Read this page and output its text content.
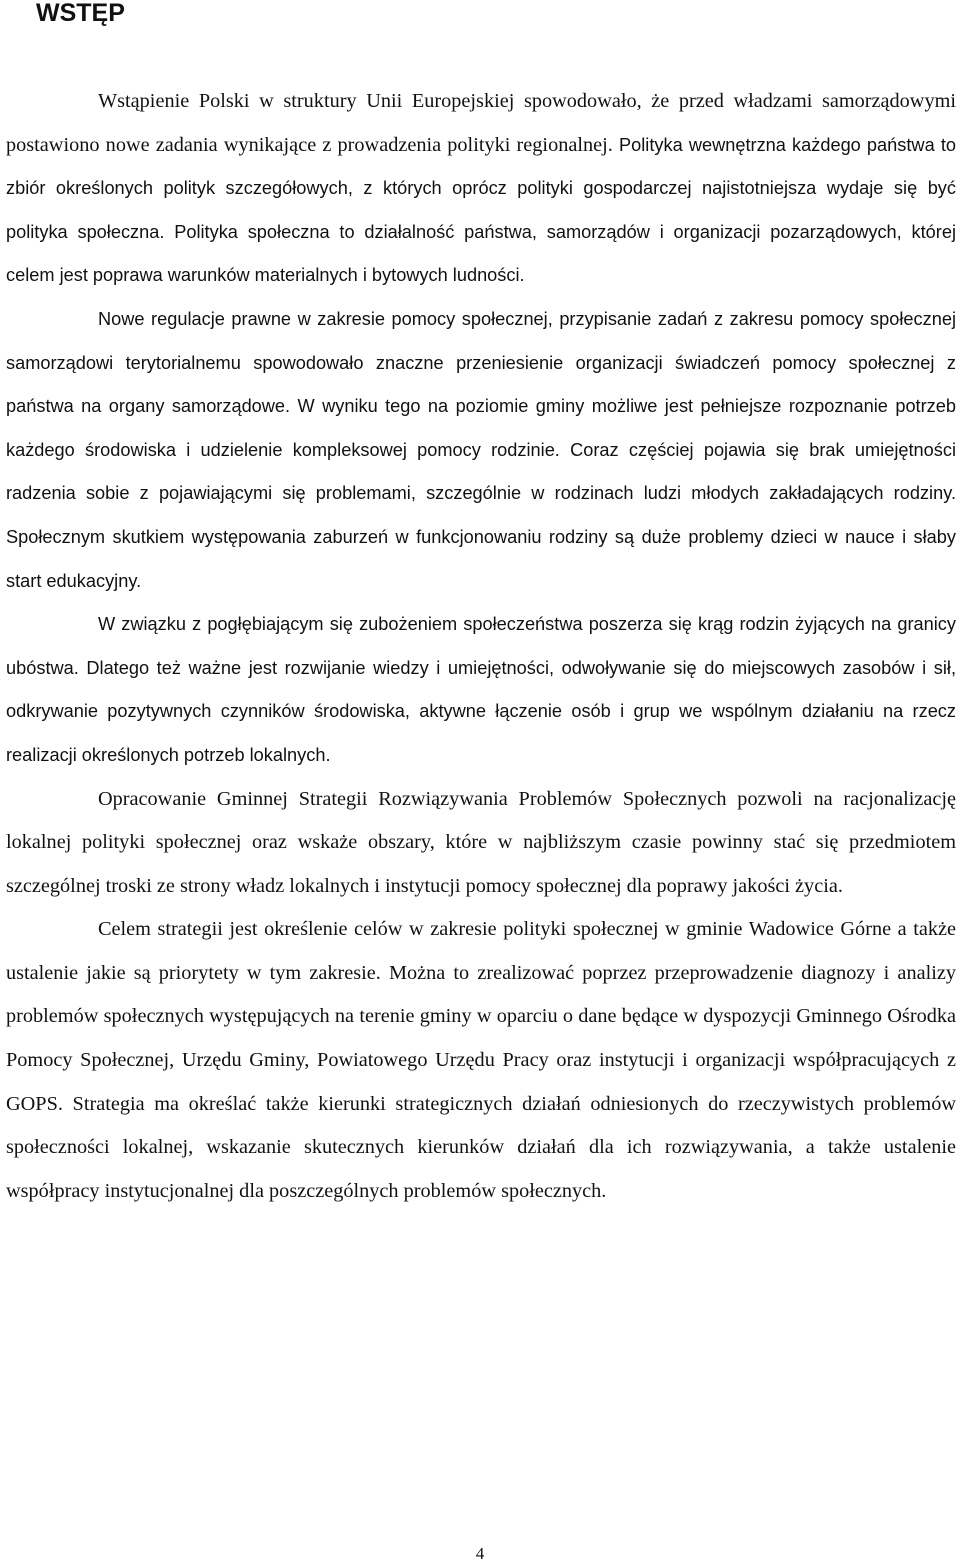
WSTĘP

Wstąpienie Polski w struktury Unii Europejskiej spowodowało, że przed władzami samorządowymi postawiono nowe zadania wynikające z prowadzenia polityki regionalnej. Polityka wewnętrzna każdego państwa to zbiór określonych polityk szczegółowych, z których oprócz polityki gospodarczej najistotniejsza wydaje się być polityka społeczna. Polityka społeczna to działalność państwa, samorządów i organizacji pozarządowych, której celem jest poprawa warunków materialnych i bytowych ludności.

Nowe regulacje prawne w zakresie pomocy społecznej, przypisanie zadań z zakresu pomocy społecznej samorządowi terytorialnemu spowodowało znaczne przeniesienie organizacji świadczeń pomocy społecznej z państwa na organy samorządowe. W wyniku tego na poziomie gminy możliwe jest pełniejsze rozpoznanie potrzeb każdego środowiska i udzielenie kompleksowej pomocy rodzinie. Coraz częściej pojawia się brak umiejętności radzenia sobie z pojawiającymi się problemami, szczególnie w rodzinach ludzi młodych zakładających rodziny. Społecznym skutkiem występowania zaburzeń w funkcjonowaniu rodziny są duże problemy dzieci w nauce i słaby start edukacyjny.

W związku z pogłębiającym się zubożeniem społeczeństwa poszerza się krąg rodzin żyjących na granicy ubóstwa. Dlatego też ważne jest rozwijanie wiedzy i umiejętności, odwoływanie się do miejscowych zasobów i sił, odkrywanie pozytywnych czynników środowiska, aktywne łączenie osób i grup we wspólnym działaniu na rzecz realizacji określonych potrzeb lokalnych.

Opracowanie Gminnej Strategii Rozwiązywania Problemów Społecznych pozwoli na racjonalizację lokalnej polityki społecznej oraz wskaże obszary, które w najbliższym czasie powinny stać się przedmiotem szczególnej troski ze strony władz lokalnych i instytucji pomocy społecznej dla poprawy jakości życia.

Celem strategii jest określenie celów w zakresie polityki społecznej w gminie Wadowice Górne a także ustalenie jakie są priorytety w tym zakresie. Można to zrealizować poprzez przeprowadzenie diagnozy i analizy problemów społecznych występujących na terenie gminy w oparciu o dane będące w dyspozycji Gminnego Ośrodka Pomocy Społecznej, Urzędu Gminy, Powiatowego Urzędu Pracy oraz instytucji i organizacji współpracujących z GOPS. Strategia ma określać także kierunki strategicznych działań odniesionych do rzeczywistych problemów społeczności lokalnej, wskazanie skutecznych kierunków działań dla ich rozwiązywania, a także ustalenie współpracy instytucjonalnej dla poszczególnych problemów społecznych.

4
